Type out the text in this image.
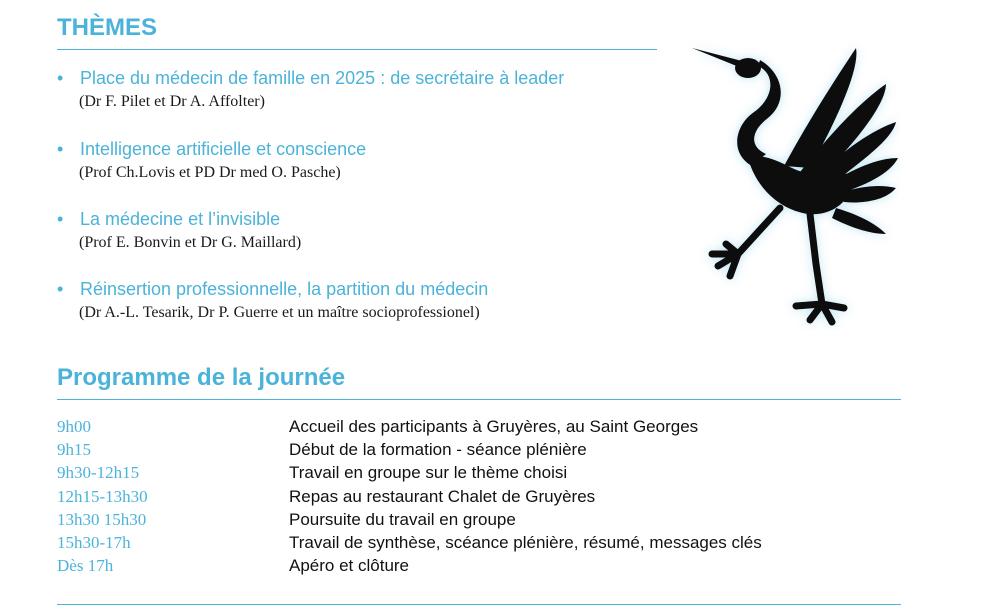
THÈMES
• Place du médecin de famille en 2025 : de secrétaire à leader
(Dr F. Pilet et Dr A. Affolter)
• Intelligence artificielle et conscience
(Prof Ch.Lovis et PD Dr med O. Pasche)
• La médecine et l’invisible
(Prof E. Bonvin et Dr G. Maillard)
• Réinsertion professionnelle, la partition du médecin
(Dr A.-L. Tesarik, Dr P. Guerre et un maître socioprofessionel)
Programme de la journée
9h00	Accueil des participants à Gruyères, au Saint Georges
9h15	Début de la formation - séance plénière
9h30-12h15	Travail en groupe sur le thème choisi
12h15-13h30	Repas au restaurant Chalet de Gruyères
13h30 15h30	Poursuite du travail en groupe
15h30-17h	Travail de synthèse, scéance plénière, résumé, messages clés
Dès 17h	Apéro et clôture
